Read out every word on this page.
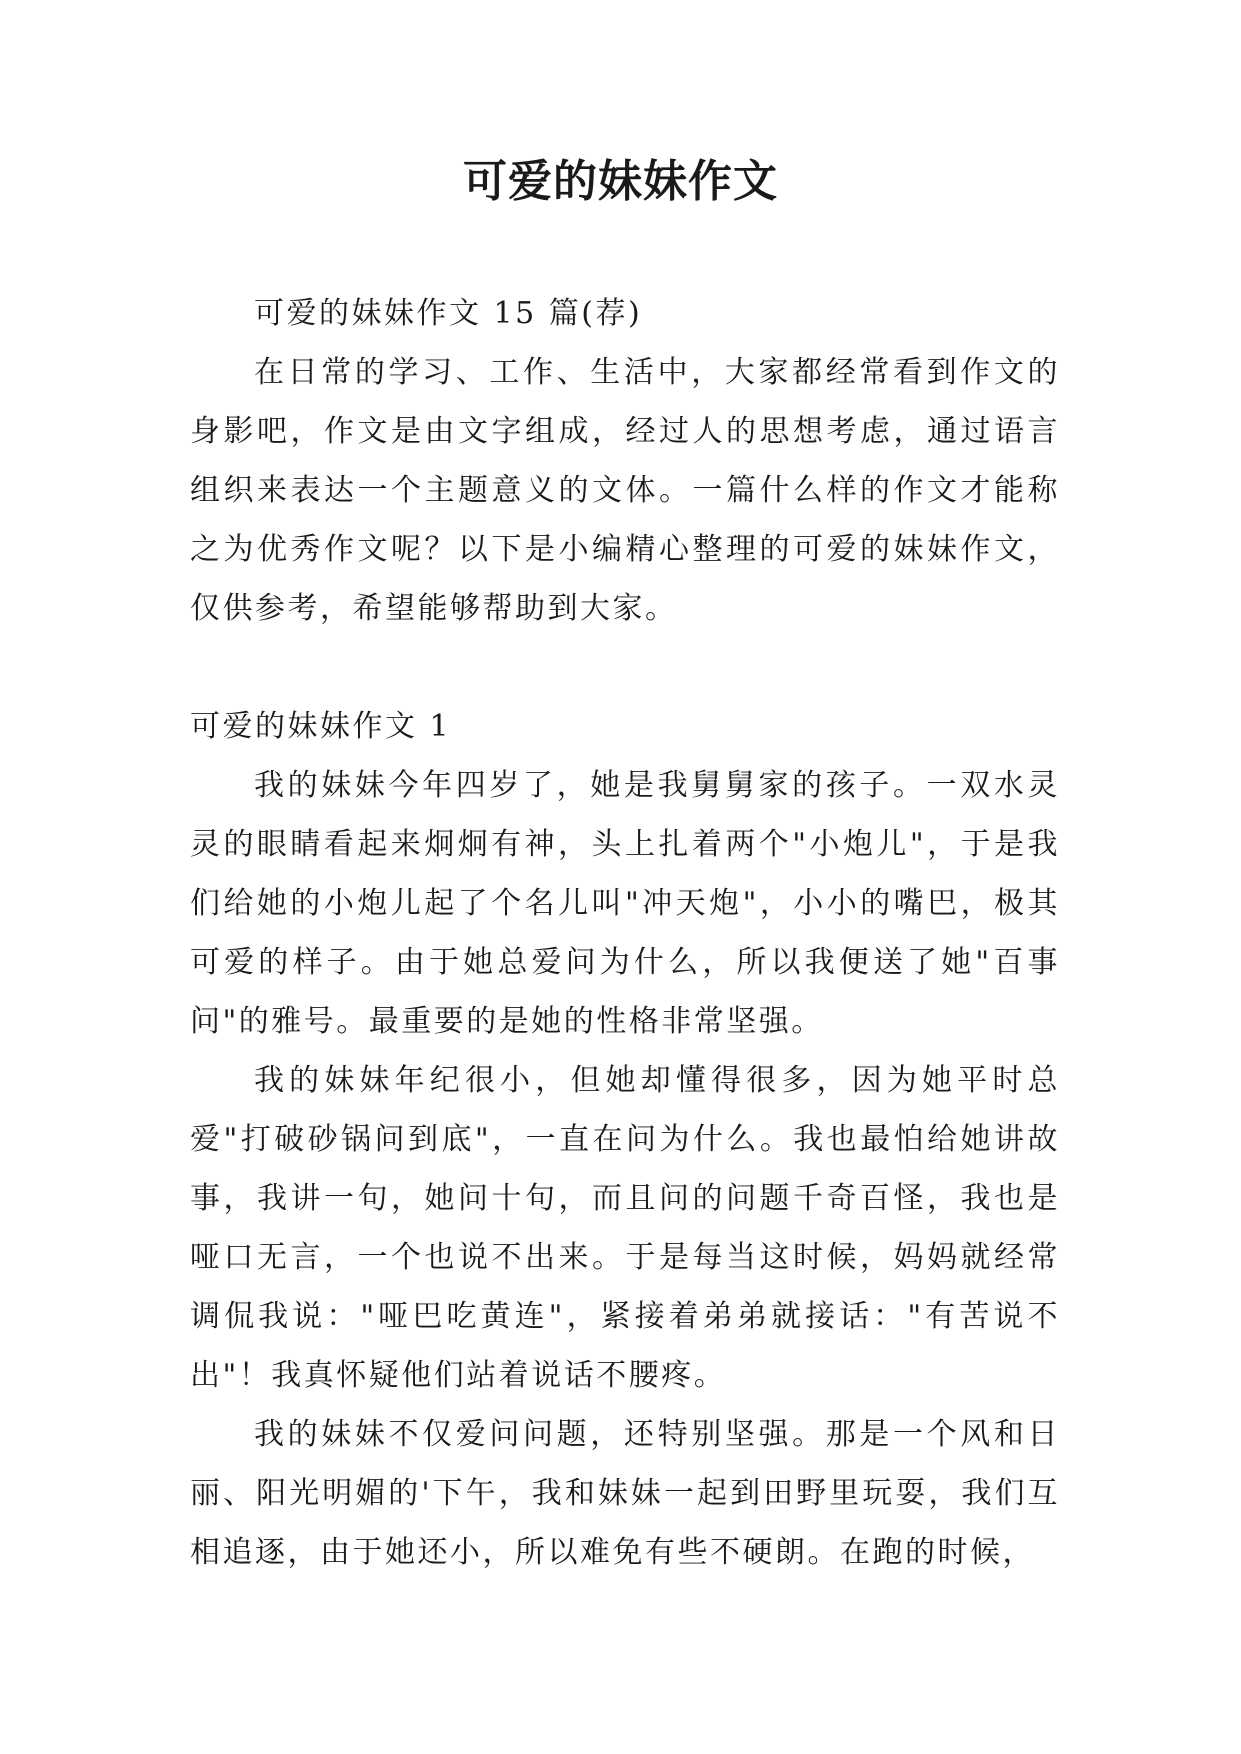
可爱的妹妹作文

可爱的妹妹作文 15 篇(荐)

在日常的学习、工作、生活中，大家都经常看到作文的身影吧，作文是由文字组成，经过人的思想考虑，通过语言组织来表达一个主题意义的文体。一篇什么样的作文才能称之为优秀作文呢？以下是小编精心整理的可爱的妹妹作文，仅供参考，希望能够帮助到大家。

可爱的妹妹作文 1

我的妹妹今年四岁了，她是我舅舅家的孩子。一双水灵灵的眼睛看起来炯炯有神，头上扎着两个"小炮儿"，于是我们给她的小炮儿起了个名儿叫"冲天炮"，小小的嘴巴，极其可爱的样子。由于她总爱问为什么，所以我便送了她"百事问"的雅号。最重要的是她的性格非常坚强。

我的妹妹年纪很小，但她却懂得很多，因为她平时总爱"打破砂锅问到底"，一直在问为什么。我也最怕给她讲故事，我讲一句，她问十句，而且问的问题千奇百怪，我也是哑口无言，一个也说不出来。于是每当这时候，妈妈就经常调侃我说："哑巴吃黄连"，紧接着弟弟就接话："有苦说不出"！我真怀疑他们站着说话不腰疼。

我的妹妹不仅爱问问题，还特别坚强。那是一个风和日丽、阳光明媚的'下午，我和妹妹一起到田野里玩耍，我们互相追逐，由于她还小，所以难免有些不硬朗。在跑的时候，
